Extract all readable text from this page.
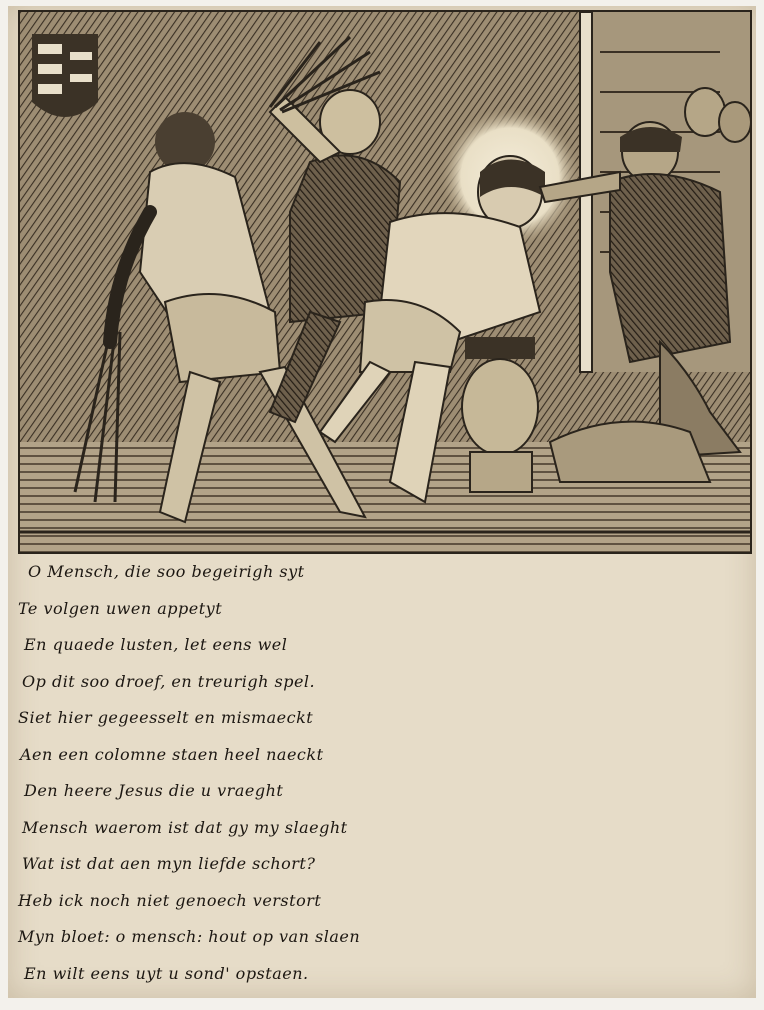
O Mensch, die soo begeirigh syt
Te volgen uwen appetyt
En quaede lusten, let eens wel
Op dit soo droef, en treurigh spel.
Siet hier gegeesselt en mismaeckt
Aen een colomne staen heel naeckt
Den heere Jesus die u vraeght
Mensch waerom ist dat gy my slaeght
Wat ist dat aen myn liefde schort?
Heb ick noch niet genoech verstort
Myn bloet: o mensch: hout op van slaen
En wilt eens uyt u sond' opstaen.
